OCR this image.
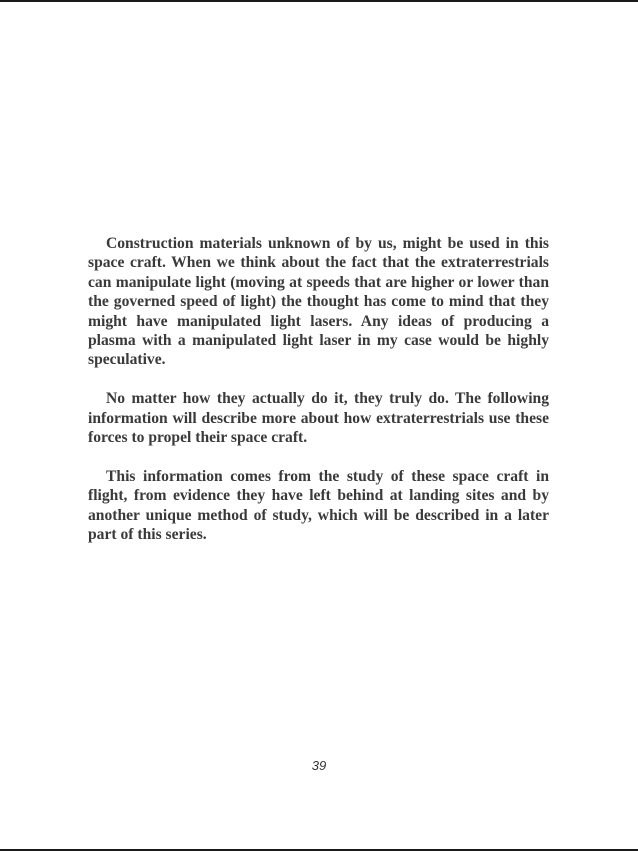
Construction materials unknown of by us, might be used in this space craft. When we think about the fact that the extraterrestrials can manipulate light (moving at speeds that are higher or lower than the governed speed of light) the thought has come to mind that they might have manipulated light lasers. Any ideas of producing a plasma with a manipulated light laser in my case would be highly speculative.

No matter how they actually do it, they truly do. The following information will describe more about how extraterrestrials use these forces to propel their space craft.

This information comes from the study of these space craft in flight, from evidence they have left behind at landing sites and by another unique method of study, which will be described in a later part of this series.

39
